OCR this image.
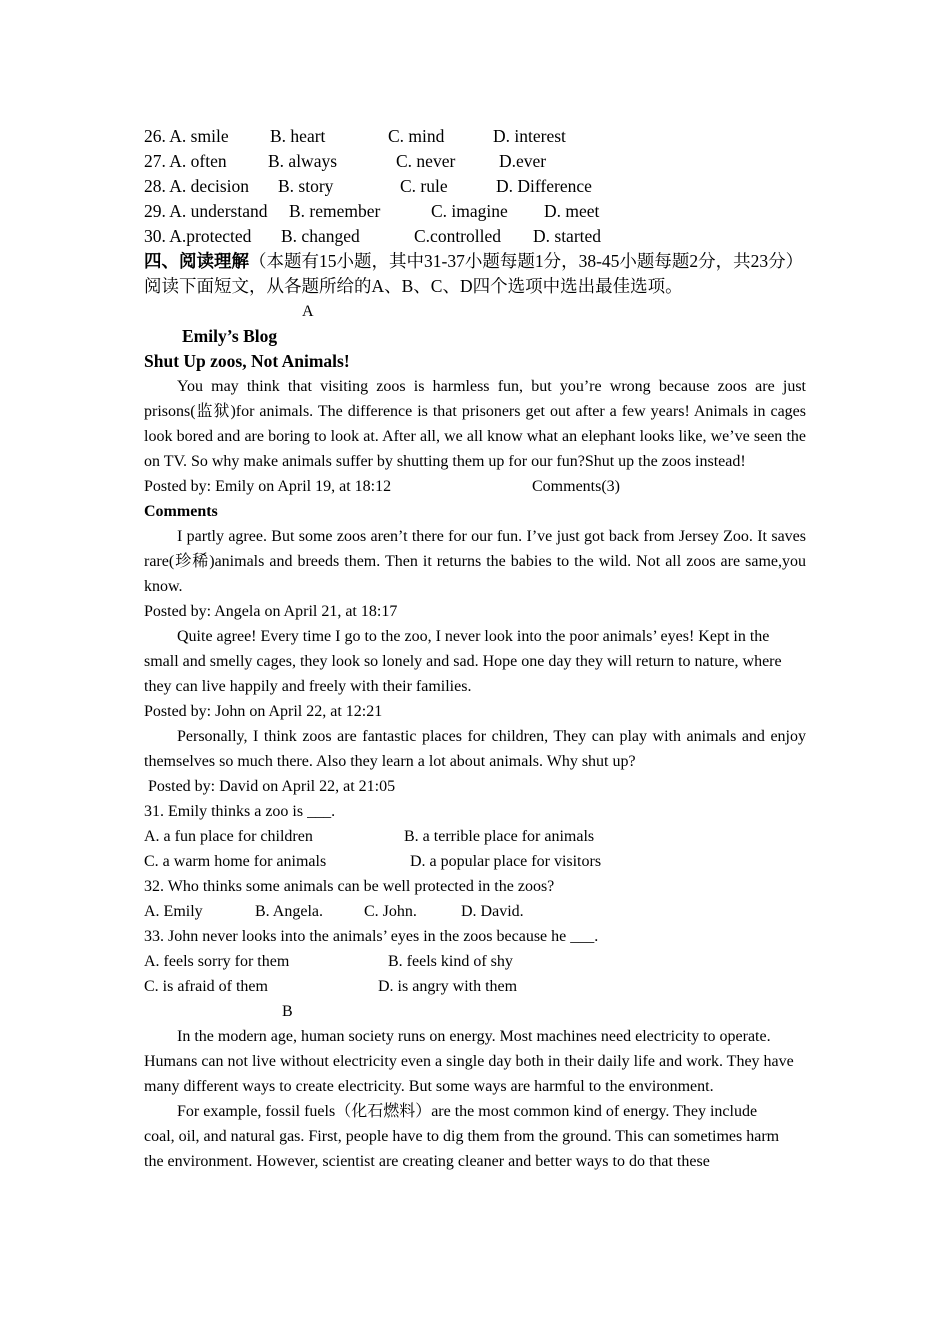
26. A. smile B. heart	C. mind	D. interest
27. A. often B. always	C. never D.ever
28. A. decision B. story	C. rule	D. Difference
29. A. understand B. remember	C. imagine D. meet
30. A.protected B. changed	C.controlled D. started
四、阅读理解（本题有15小题，其中31-37小题每题1分，38-45小题每题2分，共23分）
阅读下面短文，从各题所给的A、B、C、D四个选项中选出最佳选项。
A
Emily’s Blog
Shut Up zoos, Not Animals!

You may think that visiting zoos is harmless fun, but you’re wrong because zoos are just prisons(监狱)for animals. The difference is that prisoners get out after a few years! Animals in cages look bored and are boring to look at. After all, we all know what an elephant looks like, we’ve seen the on TV. So why make animals suffer by shutting them up for our fun?Shut up the zoos instead!

Posted by: Emily on April 19, at 18:12	Comments(3)
Comments

I partly agree. But some zoos aren’t there for our fun. I’ve just got back from Jersey Zoo. It saves rare(珍稀)animals and breeds them. Then it returns the babies to the wild. Not all zoos are same,you know.

Posted by: Angela on April 21, at 18:17

Quite agree! Every time I go to the zoo, I never look into the poor animals’ eyes! Kept in the small and smelly cages, they look so lonely and sad. Hope one day they will return to nature, where they can live happily and freely with their families.

Posted by: John on April 22, at 12:21

Personally, I think zoos are fantastic places for children, They can play with animals and enjoy themselves so much there. Also they learn a lot about animals. Why shut up?

Posted by: David on April 22, at 21:05
31. Emily thinks a zoo is ___.
A. a fun place for children	B. a terrible place for animals
C. a warm home for animals	D. a popular place for visitors
32. Who thinks some animals can be well protected in the zoos?
A. Emily	B. Angela.	C. John.	D. David.
33. John never looks into the animals’ eyes in the zoos because he ___.
A. feels sorry for them	B. feels kind of shy
C. is afraid of them	D. is angry with them
B

In the modern age, human society runs on energy. Most machines need electricity to operate. Humans can not live without electricity even a single day both in their daily life and work. They have many different ways to create electricity. But some ways are harmful to the environment.

For example, fossil fuels（化石燃料）are the most common kind of energy. They include coal, oil, and natural gas. First, people have to dig them from the ground. This can sometimes harm the environment. However, scientist are creating cleaner and better ways to do that these
